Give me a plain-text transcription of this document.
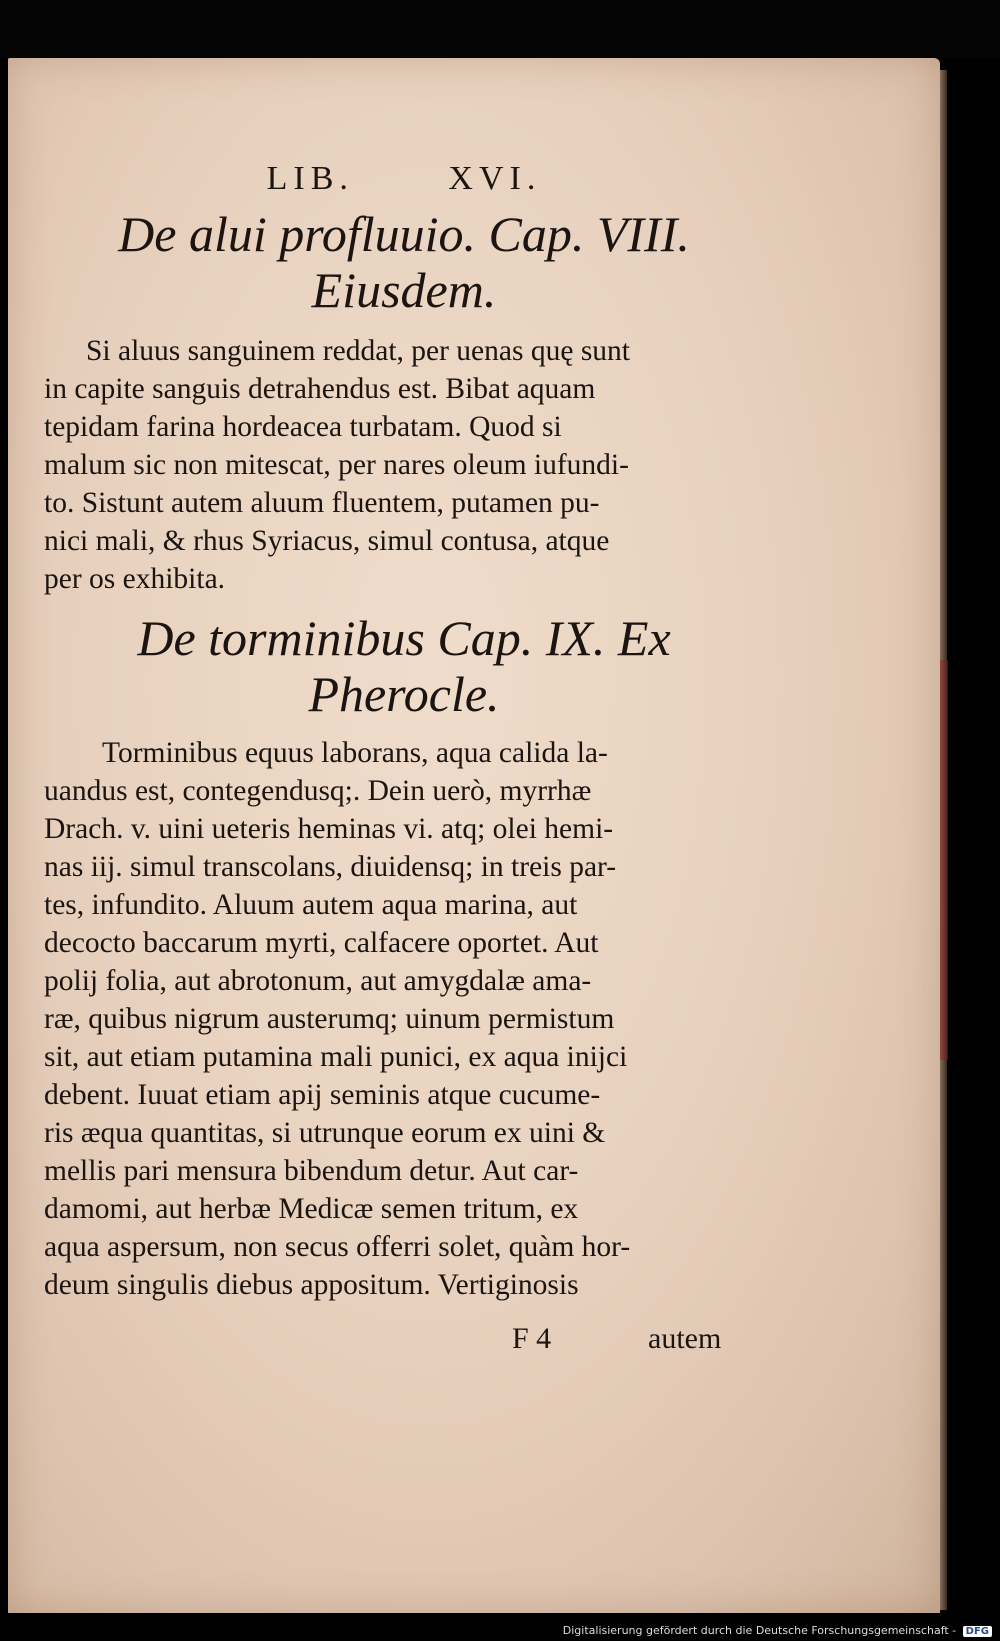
LIB.	XVI.
De alui profluuio. Cap. VIII.
Eiusdem.
Si aluus sanguinem reddat, per uenas quę sunt
in capite sanguis detrahendus est. Bibat aquam
tepidam farina hordeacea turbatam. Quod si
malum sic non mitescat, per nares oleum iufundi-
to. Sistunt autem aluum fluentem, putamen pu-
nici mali, & rhus Syriacus, simul contusa, atque
per os exhibita.
De torminibus Cap. IX. Ex
Pherocle.
Torminibus equus laborans, aqua calida la-
uandus est, contegendusq;. Dein uerò, myrrhæ
Drach. v. uini ueteris heminas vi. atq; olei hemi-
nas iij. simul transcolans, diuidensq; in treis par-
tes, infundito. Aluum autem aqua marina, aut
decocto baccarum myrti, calfacere oportet. Aut
polij folia, aut abrotonum, aut amygdalæ ama-
ræ, quibus nigrum austerumq; uinum permistum
sit, aut etiam putamina mali punici, ex aqua iniјci
debent. Iuuat etiam apij seminis atque cucume-
ris æqua quantitas, si utrunque eorum ex uini &
mellis pari mensura bibendum detur. Aut car-
damomi, aut herbæ Medicæ semen tritum, ex
aqua aspersum, non secus offerri solet, quàm hor-
deum singulis diebus appositum. Vertiginosis
F 4	autem
Digitalisierung gefördert durch die Deutsche Forschungsgemeinschaft - DFG
